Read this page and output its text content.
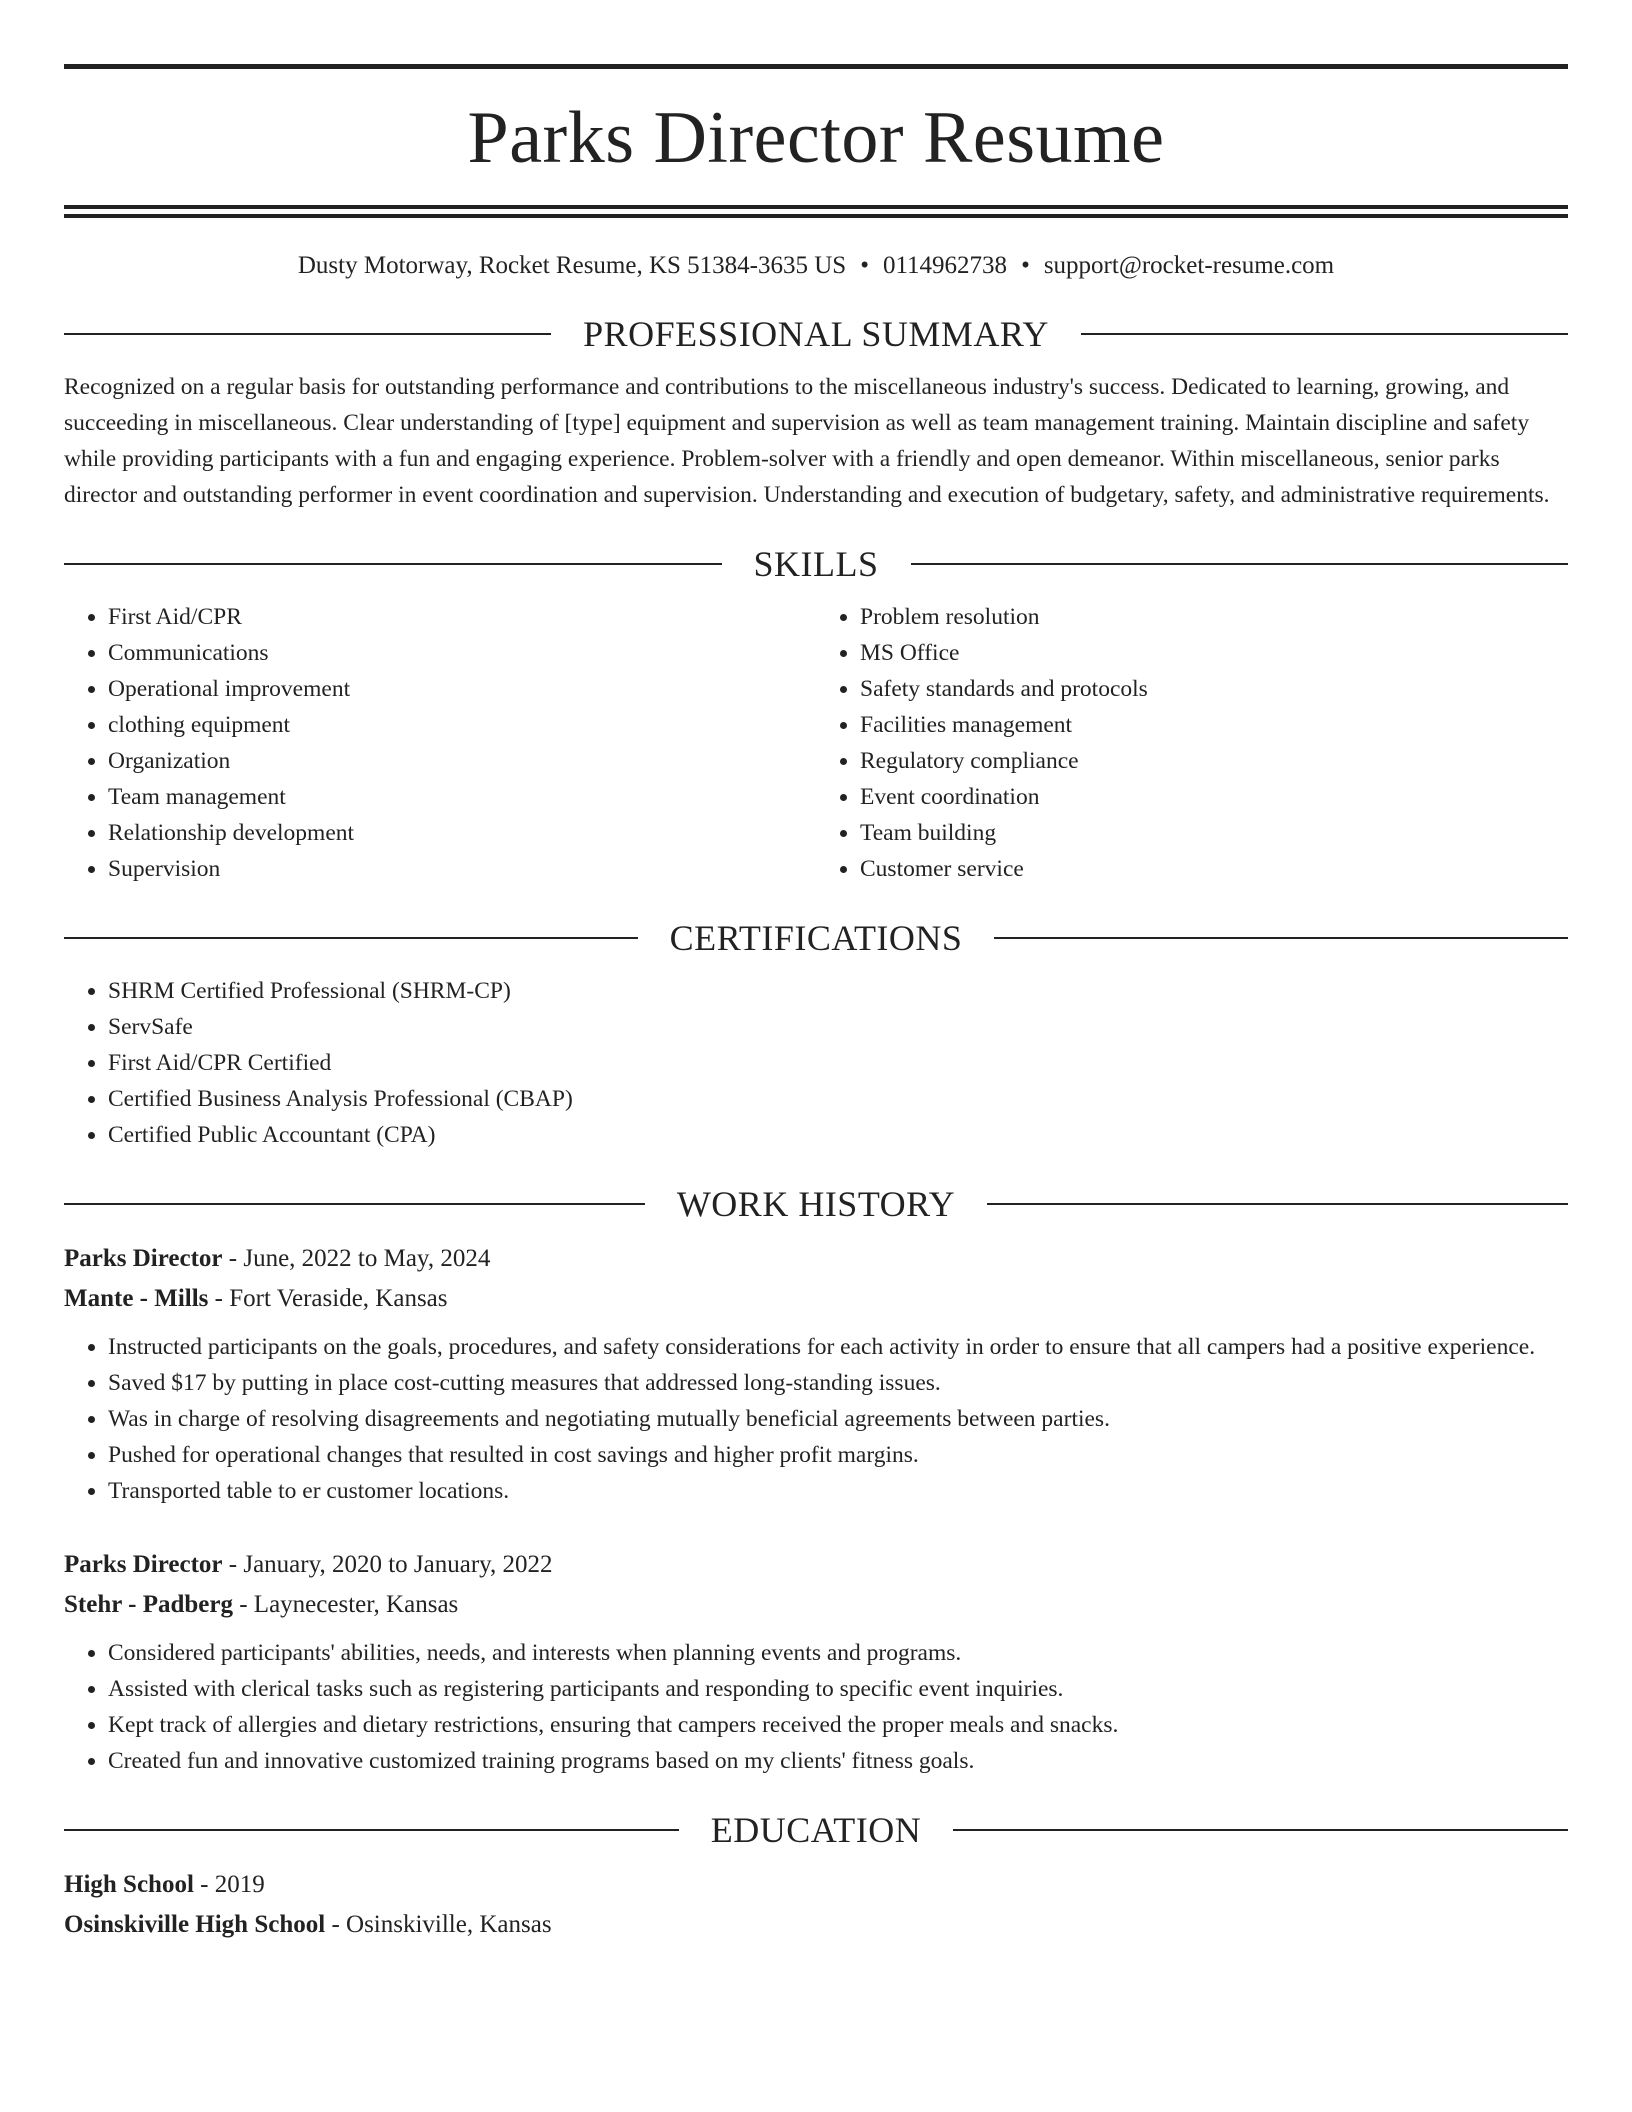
Parks Director Resume
Dusty Motorway, Rocket Resume, KS 51384-3635 US • 0114962738 • support@rocket-resume.com
PROFESSIONAL SUMMARY

Recognized on a regular basis for outstanding performance and contributions to the miscellaneous industry's success. Dedicated to learning, growing, and succeeding in miscellaneous. Clear understanding of [type] equipment and supervision as well as team management training. Maintain discipline and safety while providing participants with a fun and engaging experience. Problem-solver with a friendly and open demeanor. Within miscellaneous, senior parks director and outstanding performer in event coordination and supervision. Understanding and execution of budgetary, safety, and administrative requirements.

SKILLS
• First Aid/CPR
• Communications
• Operational improvement
• clothing equipment
• Organization
• Team management
• Relationship development
• Supervision
• Problem resolution
• MS Office
• Safety standards and protocols
• Facilities management
• Regulatory compliance
• Event coordination
• Team building
• Customer service
CERTIFICATIONS
• SHRM Certified Professional (SHRM-CP)
• ServSafe
• First Aid/CPR Certified
• Certified Business Analysis Professional (CBAP)
• Certified Public Accountant (CPA)
WORK HISTORY
Parks Director - June, 2022 to May, 2024
Mante - Mills - Fort Veraside, Kansas
• Instructed participants on the goals, procedures, and safety considerations for each activity in order to ensure that all campers had a positive experience.
• Saved $17 by putting in place cost-cutting measures that addressed long-standing issues.
• Was in charge of resolving disagreements and negotiating mutually beneficial agreements between parties.
• Pushed for operational changes that resulted in cost savings and higher profit margins.
• Transported table to er customer locations.
Parks Director - January, 2020 to January, 2022
Stehr - Padberg - Laynecester, Kansas
• Considered participants' abilities, needs, and interests when planning events and programs.
• Assisted with clerical tasks such as registering participants and responding to specific event inquiries.
• Kept track of allergies and dietary restrictions, ensuring that campers received the proper meals and snacks.
• Created fun and innovative customized training programs based on my clients' fitness goals.
EDUCATION
High School - 2019
Osinskiville High School - Osinskiville, Kansas
